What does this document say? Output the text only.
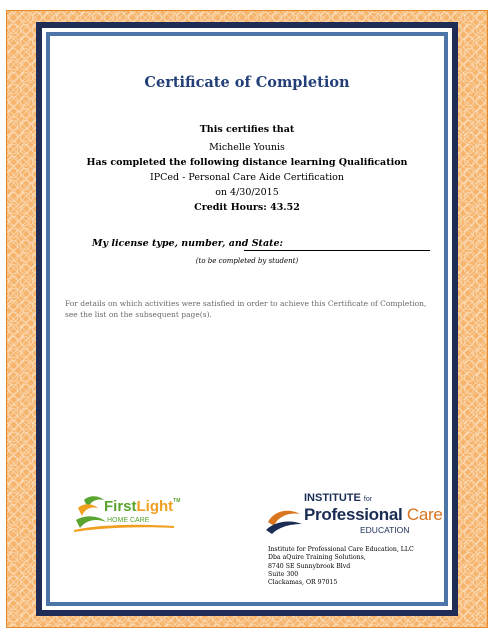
Certificate of Completion
This certifies that
Michelle Younis
Has completed the following distance learning Qualification
IPCed - Personal Care Aide Certification
on 4/30/2015
Credit Hours: 43.52
My license type, number, and State:
(to be completed by student)
For details on which activities were satisfied in order to achieve this Certificate of Completion, see the list on the subsequent page(s).
FirstLight™
HOME CARE
INSTITUTE for
Professional Care
EDUCATION
Institute for Professional Care Education, LLC
Dba aQuire Training Solutions,
8740 SE Sunnybrook Blvd
Suite 300
Clackamas, OR 97015
